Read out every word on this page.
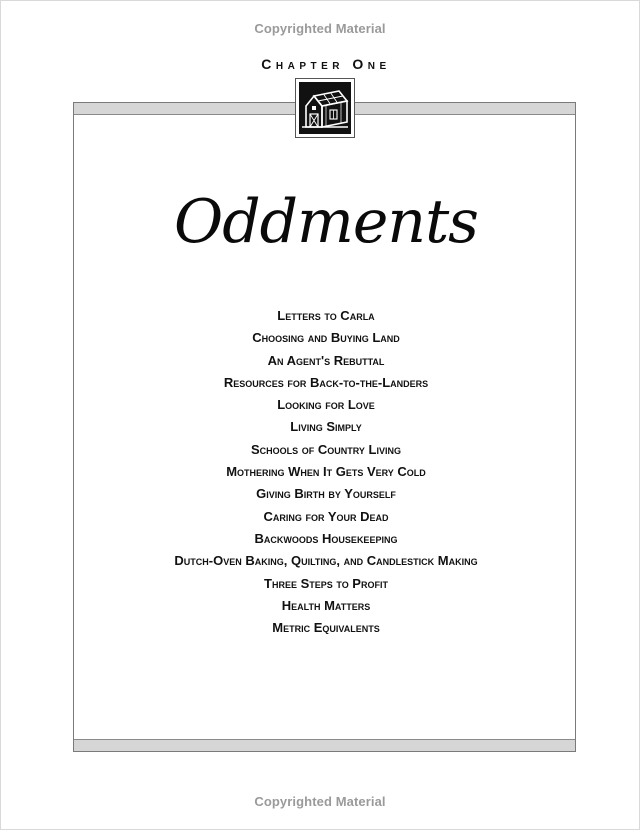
Copyrighted Material
Chapter One
Oddments
Letters to Carla
Choosing and Buying Land
An Agent's Rebuttal
Resources for Back-to-the-Landers
Looking for Love
Living Simply
Schools of Country Living
Mothering When It Gets Very Cold
Giving Birth by Yourself
Caring for Your Dead
Backwoods Housekeeping
Dutch-Oven Baking, Quilting, and Candlestick Making
Three Steps to Profit
Health Matters
Metric Equivalents
Copyrighted Material
